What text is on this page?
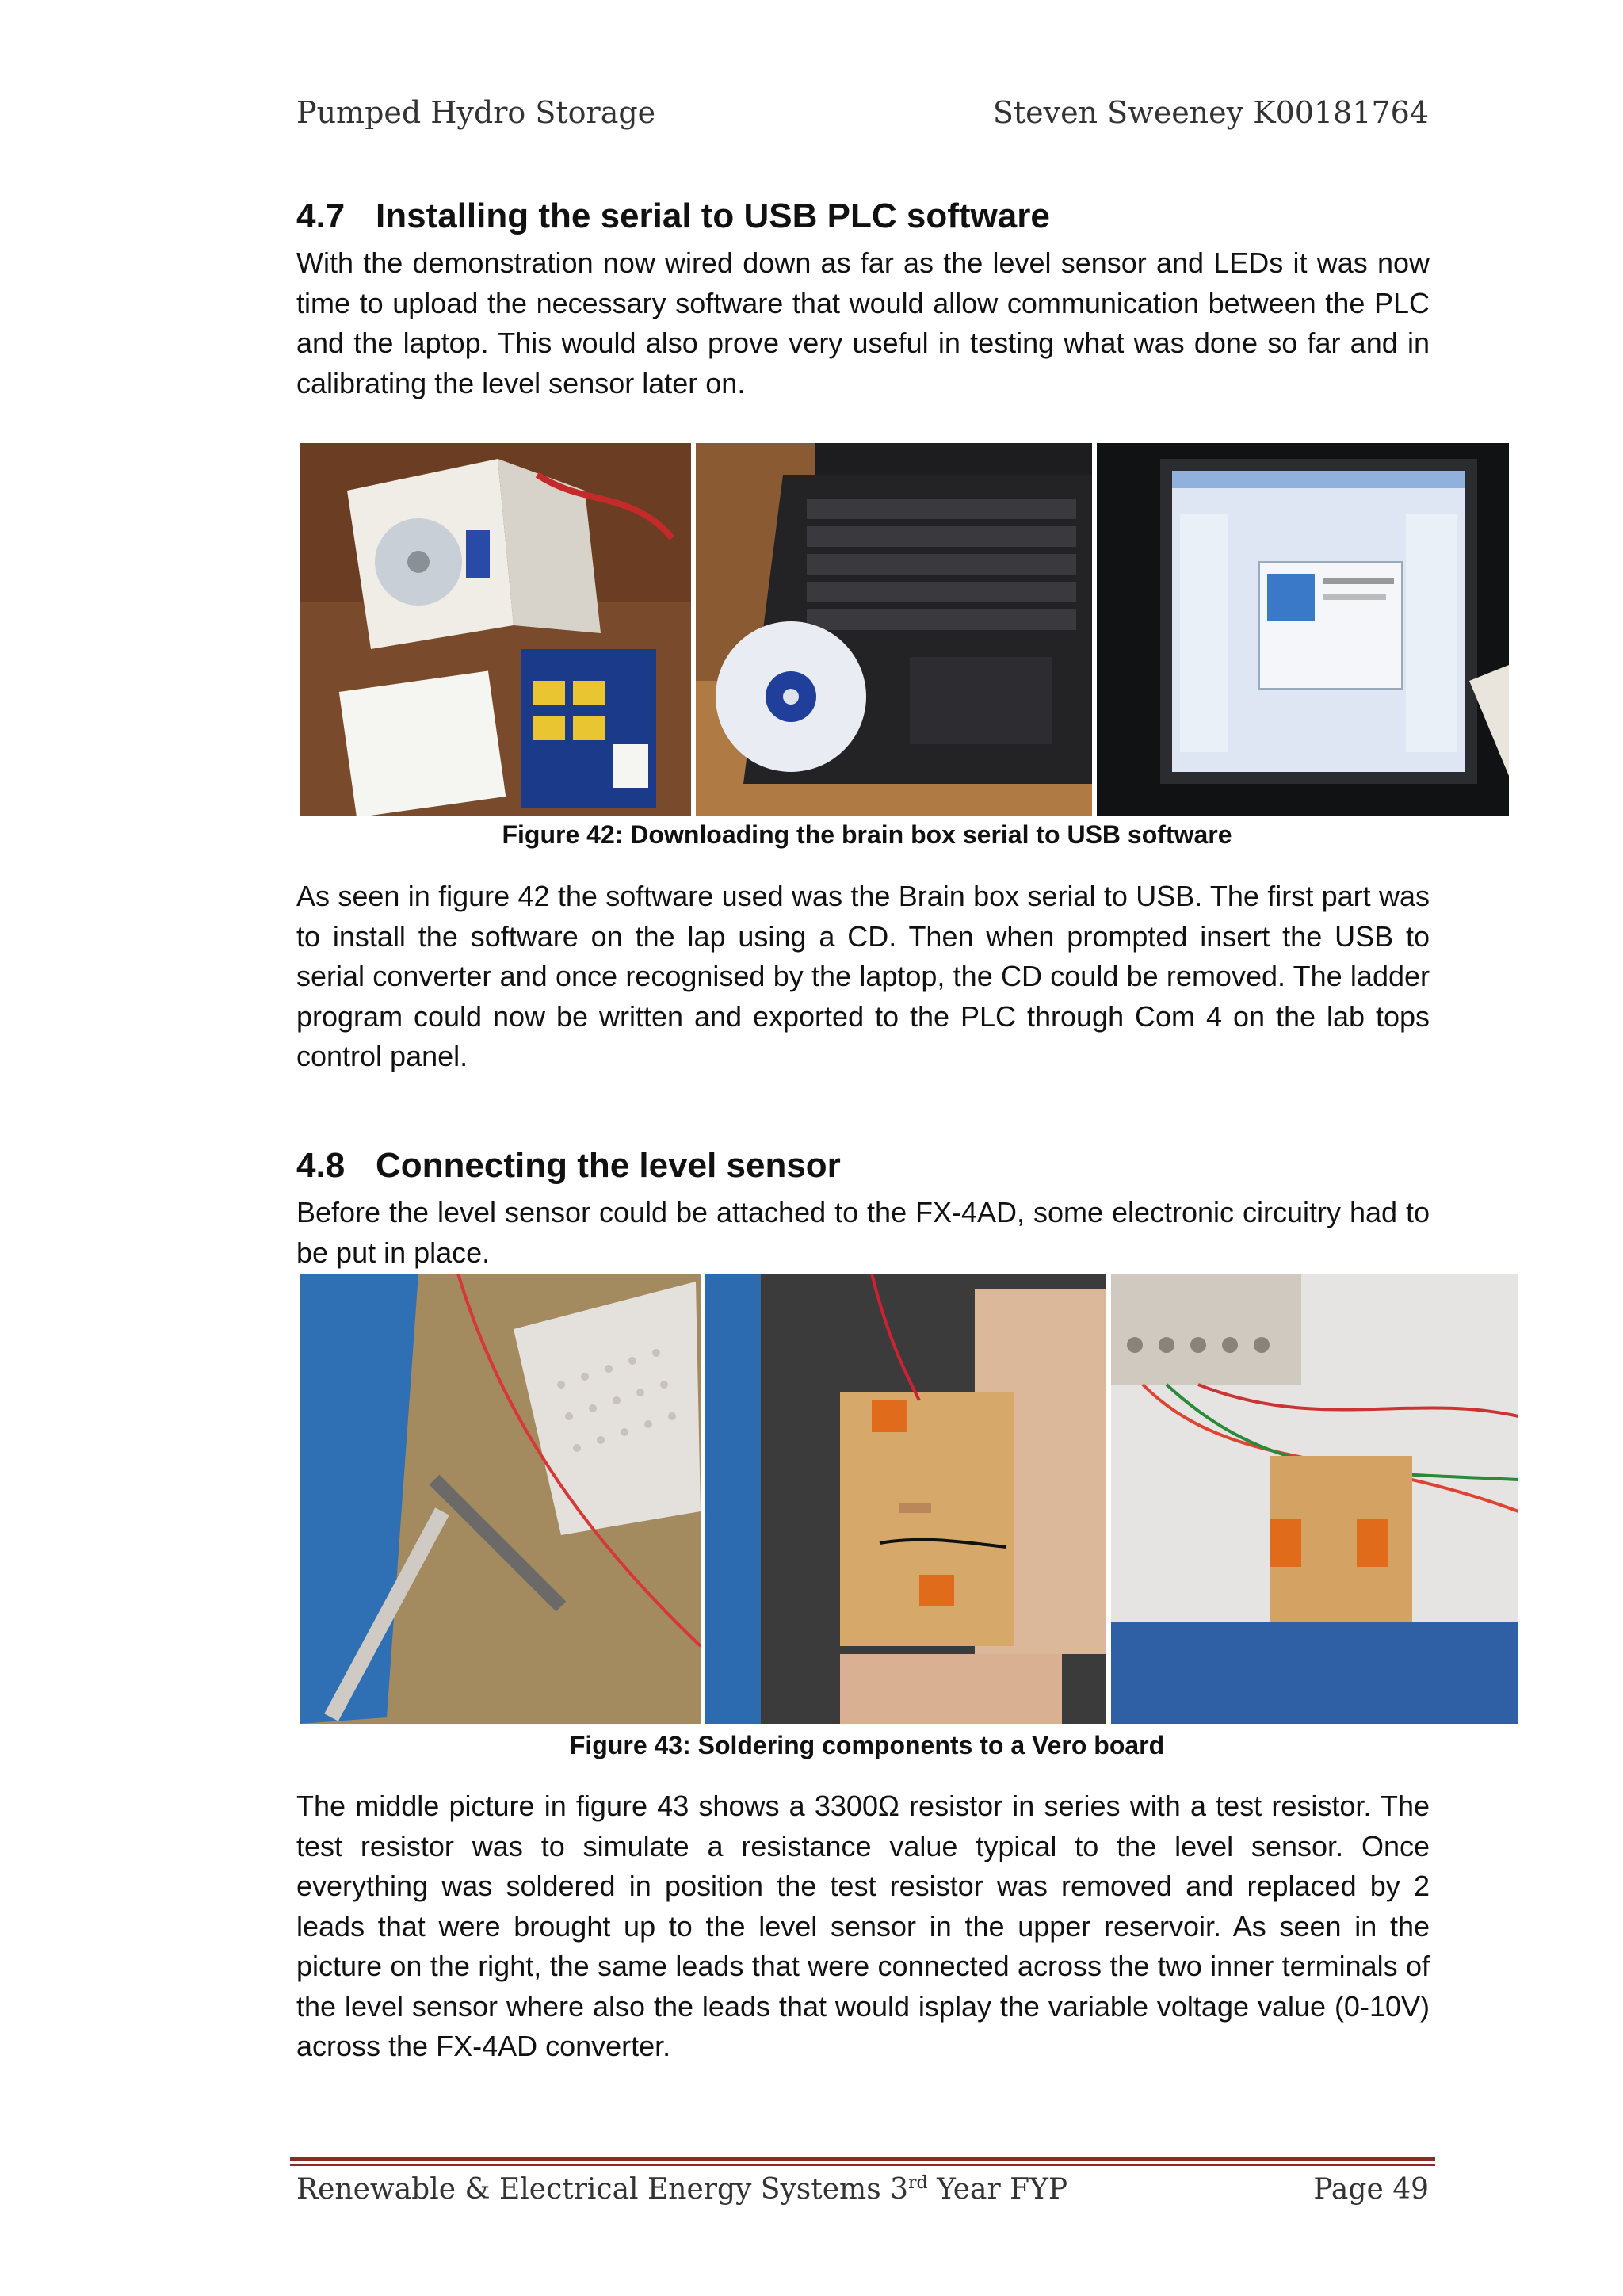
Pumped Hydro Storage	Steven Sweeney K00181764
4.7 Installing the serial to USB PLC software

With the demonstration now wired down as far as the level sensor and LEDs it was now time to upload the necessary software that would allow communication between the PLC and the laptop. This would also prove very useful in testing what was done so far and in calibrating the level sensor later on.

Figure 42: Downloading the brain box serial to USB software

As seen in figure 42 the software used was the Brain box serial to USB. The first part was to install the software on the lap using a CD. Then when prompted insert the USB to serial converter and once recognised by the laptop, the CD could be removed. The ladder program could now be written and exported to the PLC through Com 4 on the lab tops control panel.

4.8 Connecting the level sensor

Before the level sensor could be attached to the FX-4AD, some electronic circuitry had to be put in place.

Figure 43: Soldering components to a Vero board

The middle picture in figure 43 shows a 3300Ω resistor in series with a test resistor. The test resistor was to simulate a resistance value typical to the level sensor. Once everything was soldered in position the test resistor was removed and replaced by 2 leads that were brought up to the level sensor in the upper reservoir. As seen in the picture on the right, the same leads that were connected across the two inner terminals of the level sensor where also the leads that would isplay the variable voltage value (0-10V) across the FX-4AD converter.

Renewable & Electrical Energy Systems 3rd Year FYP	Page 49
